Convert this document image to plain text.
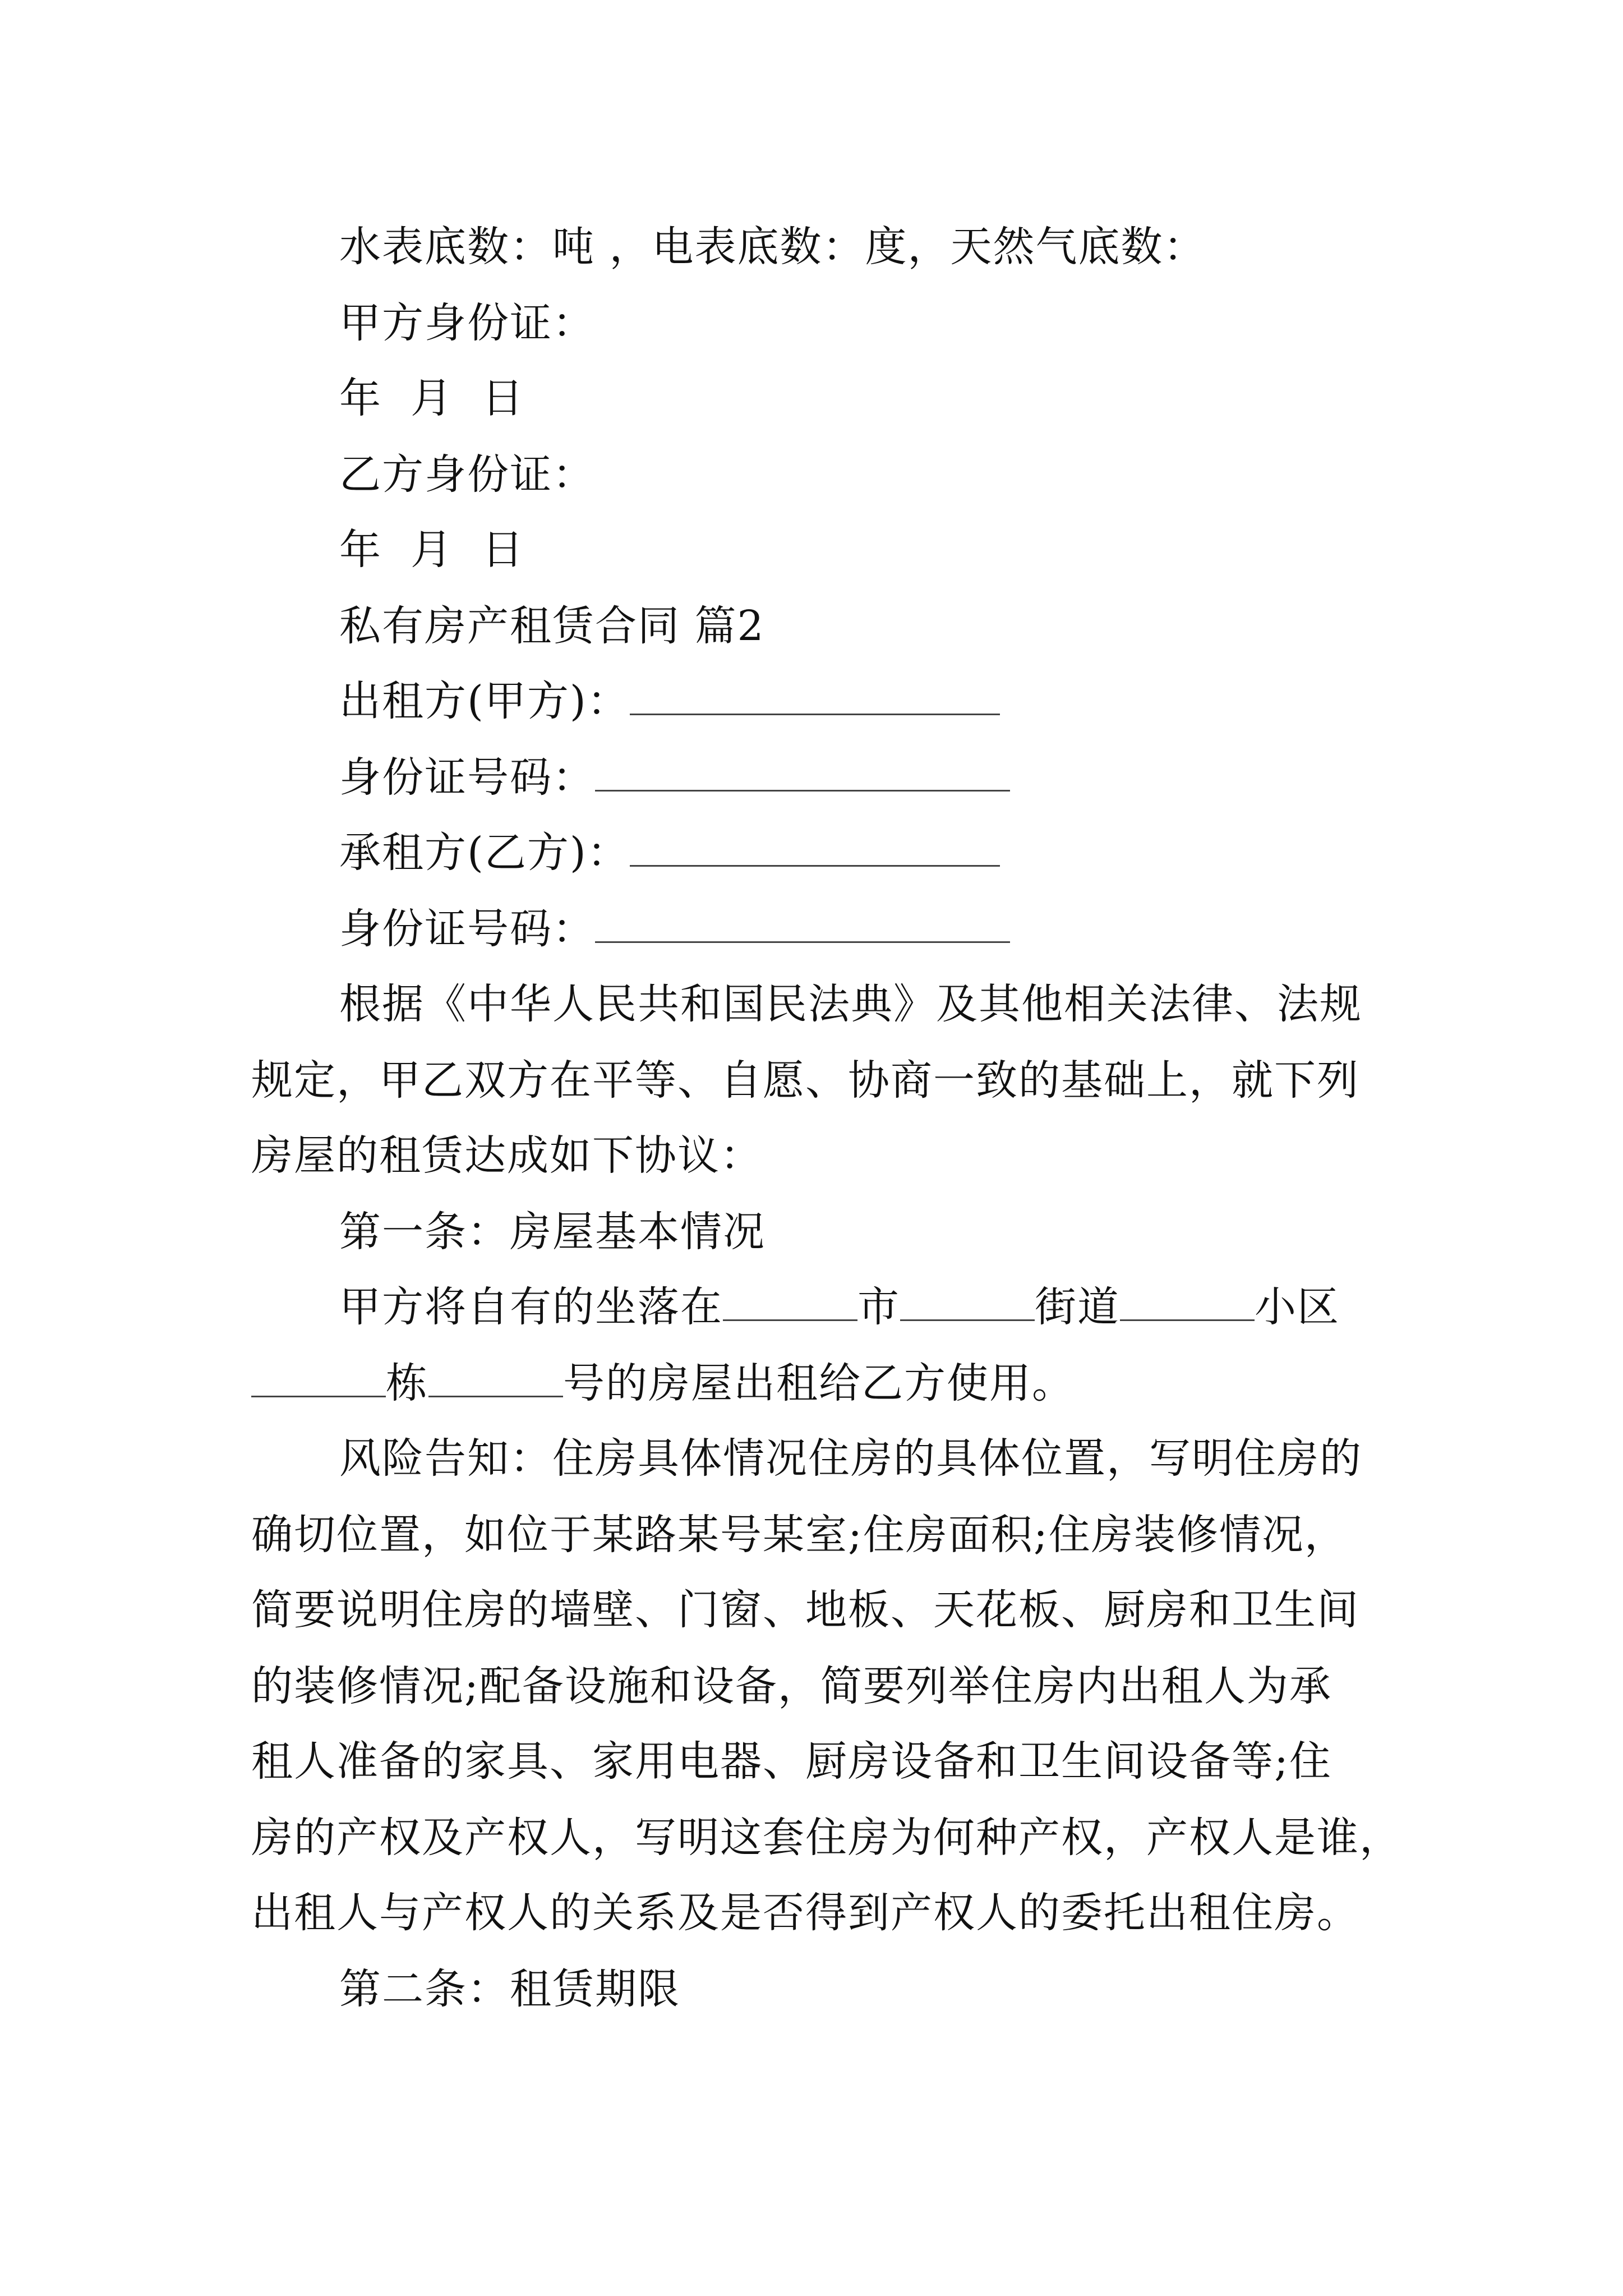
水表底数：吨 ，电表底数：度，天然气底数：
甲方身份证：
年  月  日
乙方身份证：
年  月  日
私有房产租赁合同 篇2
出租方(甲方)：
身份证号码：
承租方(乙方)：
身份证号码：
根据《中华人民共和国民法典》及其他相关法律、法规
规定，甲乙双方在平等、自愿、协商一致的基础上，就下列
房屋的租赁达成如下协议：
第一条：房屋基本情况
甲方将自有的坐落在	市	街道	小区
栋	号的房屋出租给乙方使用。
风险告知：住房具体情况住房的具体位置，写明住房的
确切位置，如位于某路某号某室;住房面积;住房装修情况，
简要说明住房的墙壁、门窗、地板、天花板、厨房和卫生间
的装修情况;配备设施和设备，简要列举住房内出租人为承
租人准备的家具、家用电器、厨房设备和卫生间设备等;住
房的产权及产权人，写明这套住房为何种产权，产权人是谁，
出租人与产权人的关系及是否得到产权人的委托出租住房。
第二条：租赁期限
